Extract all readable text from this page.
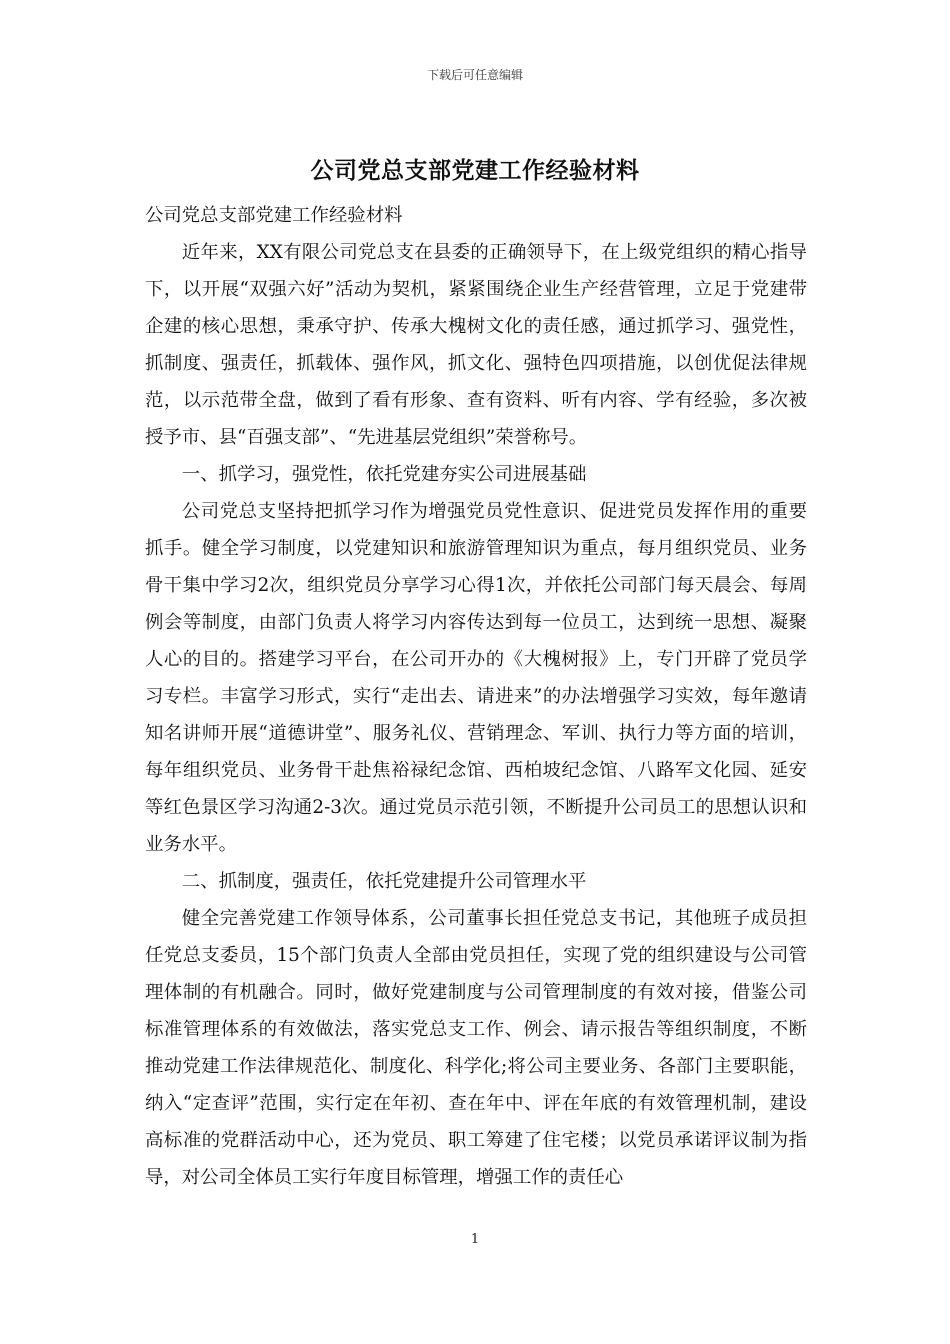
下载后可任意编辑
公司党总支部党建工作经验材料

公司党总支部党建工作经验材料

近年来，XX有限公司党总支在县委的正确领导下，在上级党组织的精心指导下，以开展“双强六好”活动为契机，紧紧围绕企业生产经营管理，立足于党建带企建的核心思想，秉承守护、传承大槐树文化的责任感，通过抓学习、强党性，抓制度、强责任，抓载体、强作风，抓文化、强特色四项措施，以创优促法律规范，以示范带全盘，做到了看有形象、查有资料、听有内容、学有经验，多次被授予市、县“百强支部”、“先进基层党组织”荣誉称号。

一、抓学习，强党性，依托党建夯实公司进展基础

公司党总支坚持把抓学习作为增强党员党性意识、促进党员发挥作用的重要抓手。健全学习制度，以党建知识和旅游管理知识为重点，每月组织党员、业务骨干集中学习2次，组织党员分享学习心得1次，并依托公司部门每天晨会、每周例会等制度，由部门负责人将学习内容传达到每一位员工，达到统一思想、凝聚人心的目的。搭建学习平台，在公司开办的《大槐树报》上，专门开辟了党员学习专栏。丰富学习形式，实行“走出去、请进来”的办法增强学习实效，每年邀请知名讲师开展“道德讲堂”、服务礼仪、营销理念、军训、执行力等方面的培训，每年组织党员、业务骨干赴焦裕禄纪念馆、西柏坡纪念馆、八路军文化园、延安等红色景区学习沟通2-3次。通过党员示范引领，不断提升公司员工的思想认识和业务水平。

二、抓制度，强责任，依托党建提升公司管理水平

健全完善党建工作领导体系，公司董事长担任党总支书记，其他班子成员担任党总支委员，15个部门负责人全部由党员担任，实现了党的组织建设与公司管理体制的有机融合。同时，做好党建制度与公司管理制度的有效对接，借鉴公司标准管理体系的有效做法，落实党总支工作、例会、请示报告等组织制度，不断推动党建工作法律规范化、制度化、科学化;将公司主要业务、各部门主要职能，纳入“定查评”范围，实行定在年初、查在年中、评在年底的有效管理机制，建设高标准的党群活动中心，还为党员、职工筹建了住宅楼；以党员承诺评议制为指导，对公司全体员工实行年度目标管理，增强工作的责任心

1
